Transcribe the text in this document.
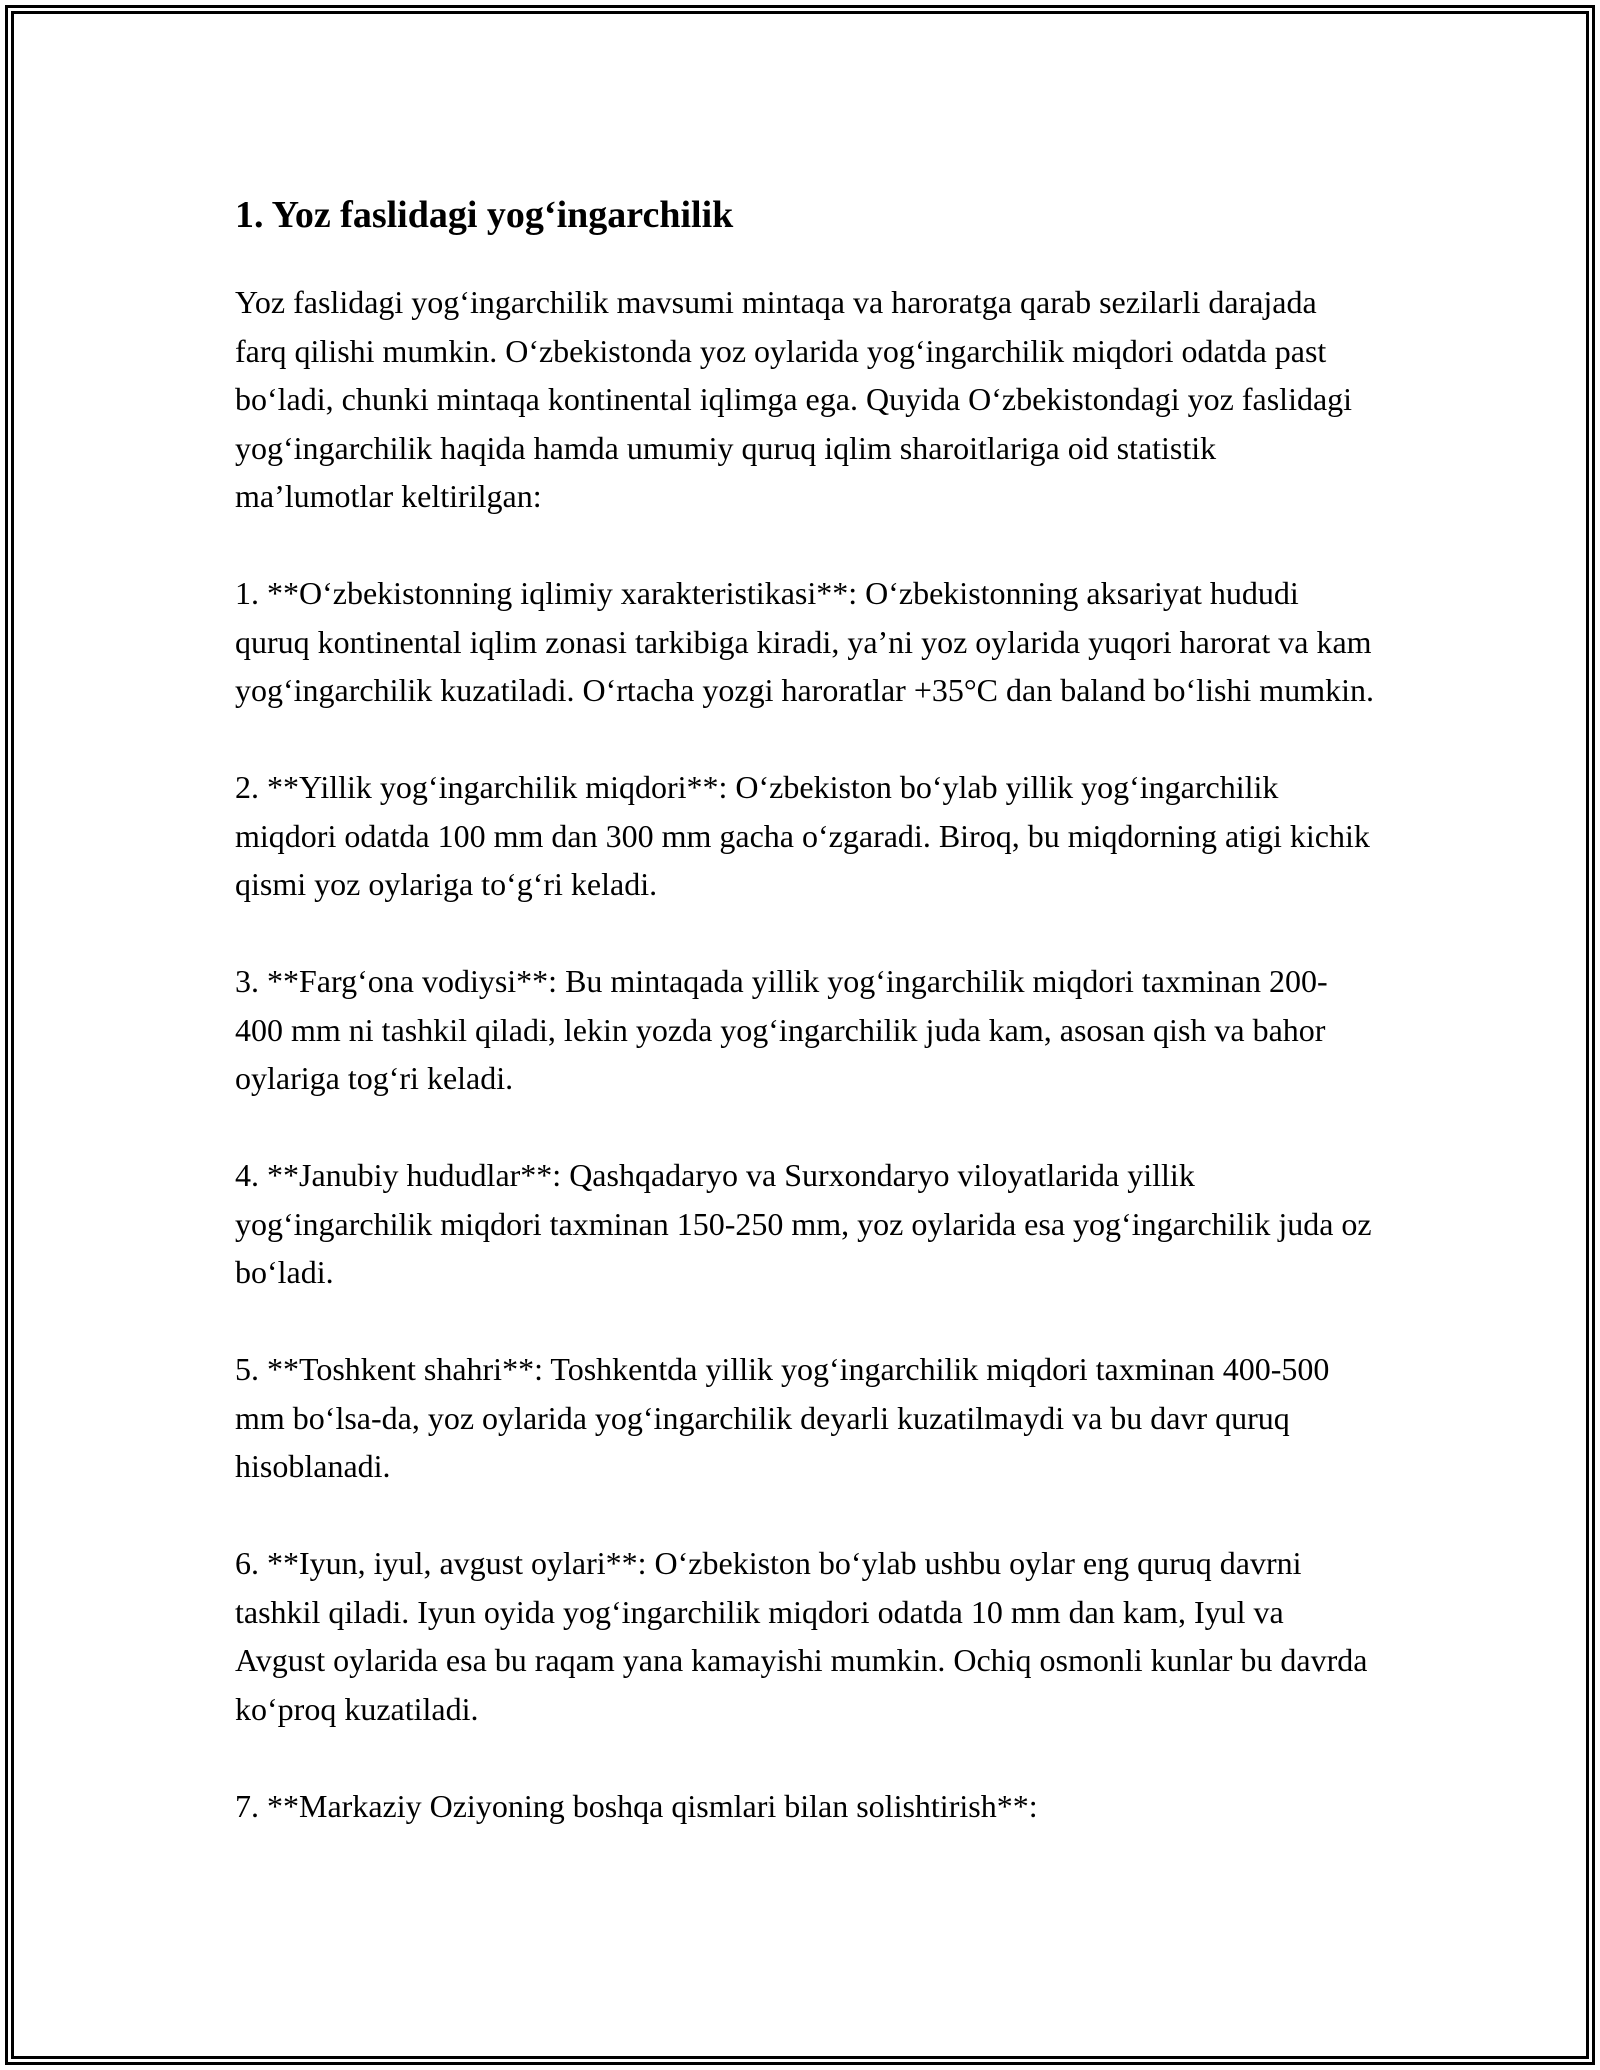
1. Yoz faslidagi yog‘ingarchilik

Yoz faslidagi yog‘ingarchilik mavsumi mintaqa va haroratga qarab sezilarli darajada farq qilishi mumkin. O‘zbekistonda yoz oylarida yog‘ingarchilik miqdori odatda past bo‘ladi, chunki mintaqa kontinental iqlimga ega. Quyida O‘zbekistondagi yoz faslidagi yog‘ingarchilik haqida hamda umumiy quruq iqlim sharoitlariga oid statistik ma’lumotlar keltirilgan:

1. **O‘zbekistonning iqlimiy xarakteristikasi**: O‘zbekistonning aksariyat hududi quruq kontinental iqlim zonasi tarkibiga kiradi, ya’ni yoz oylarida yuqori harorat va kam yog‘ingarchilik kuzatiladi. O‘rtacha yozgi haroratlar +35°C dan baland bo‘lishi mumkin.

2. **Yillik yog‘ingarchilik miqdori**: O‘zbekiston bo‘ylab yillik yog‘ingarchilik miqdori odatda 100 mm dan 300 mm gacha o‘zgaradi. Biroq, bu miqdorning atigi kichik qismi yoz oylariga to‘g‘ri keladi.

3. **Farg‘ona vodiysi**: Bu mintaqada yillik yog‘ingarchilik miqdori taxminan 200-400 mm ni tashkil qiladi, lekin yozda yog‘ingarchilik juda kam, asosan qish va bahor oylariga tog‘ri keladi.

4. **Janubiy hududlar**: Qashqadaryo va Surxondaryo viloyatlarida yillik yog‘ingarchilik miqdori taxminan 150-250 mm, yoz oylarida esa yog‘ingarchilik juda oz bo‘ladi.

5. **Toshkent shahri**: Toshkentda yillik yog‘ingarchilik miqdori taxminan 400-500 mm bo‘lsa-da, yoz oylarida yog‘ingarchilik deyarli kuzatilmaydi va bu davr quruq hisoblanadi.

6. **Iyun, iyul, avgust oylari**: O‘zbekiston bo‘ylab ushbu oylar eng quruq davrni tashkil qiladi. Iyun oyida yog‘ingarchilik miqdori odatda 10 mm dan kam, Iyul va Avgust oylarida esa bu raqam yana kamayishi mumkin. Ochiq osmonli kunlar bu davrda ko‘proq kuzatiladi.

7. **Markaziy Oziyoning boshqa qismlari bilan solishtirish**:
